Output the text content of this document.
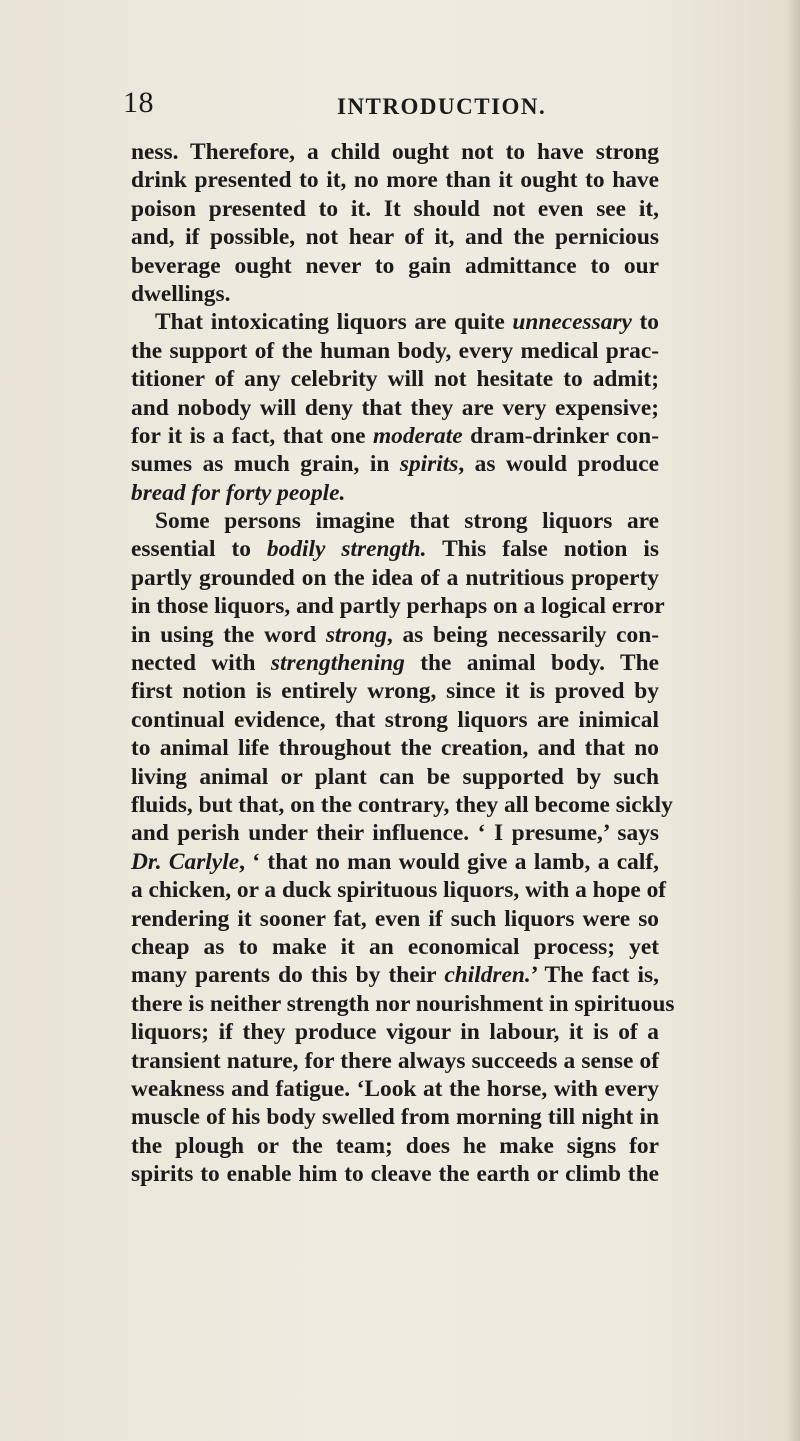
18	INTRODUCTION.
ness. Therefore, a child ought not to have strong
drink presented to it, no more than it ought to have
poison presented to it. It should not even see it,
and, if possible, not hear of it, and the pernicious
beverage ought never to gain admittance to our
dwellings.
That intoxicating liquors are quite unnecessary to
the support of the human body, every medical prac-
titioner of any celebrity will not hesitate to admit;
and nobody will deny that they are very expensive;
for it is a fact, that one moderate dram-drinker con-
sumes as much grain, in spirits, as would produce
bread for forty people.
Some persons imagine that strong liquors are
essential to bodily strength. This false notion is
partly grounded on the idea of a nutritious property
in those liquors, and partly perhaps on a logical error
in using the word strong, as being necessarily con-
nected with strengthening the animal body. The
first notion is entirely wrong, since it is proved by
continual evidence, that strong liquors are inimical
to animal life throughout the creation, and that no
living animal or plant can be supported by such
fluids, but that, on the contrary, they all become sickly
and perish under their influence. ‘ I presume,’ says
Dr. Carlyle, ‘ that no man would give a lamb, a calf,
a chicken, or a duck spirituous liquors, with a hope of
rendering it sooner fat, even if such liquors were so
cheap as to make it an economical process; yet
many parents do this by their children.’ The fact is,
there is neither strength nor nourishment in spirituous
liquors; if they produce vigour in labour, it is of a
transient nature, for there always succeeds a sense of
weakness and fatigue. ‘Look at the horse, with every
muscle of his body swelled from morning till night in
the plough or the team; does he make signs for
spirits to enable him to cleave the earth or climb the
